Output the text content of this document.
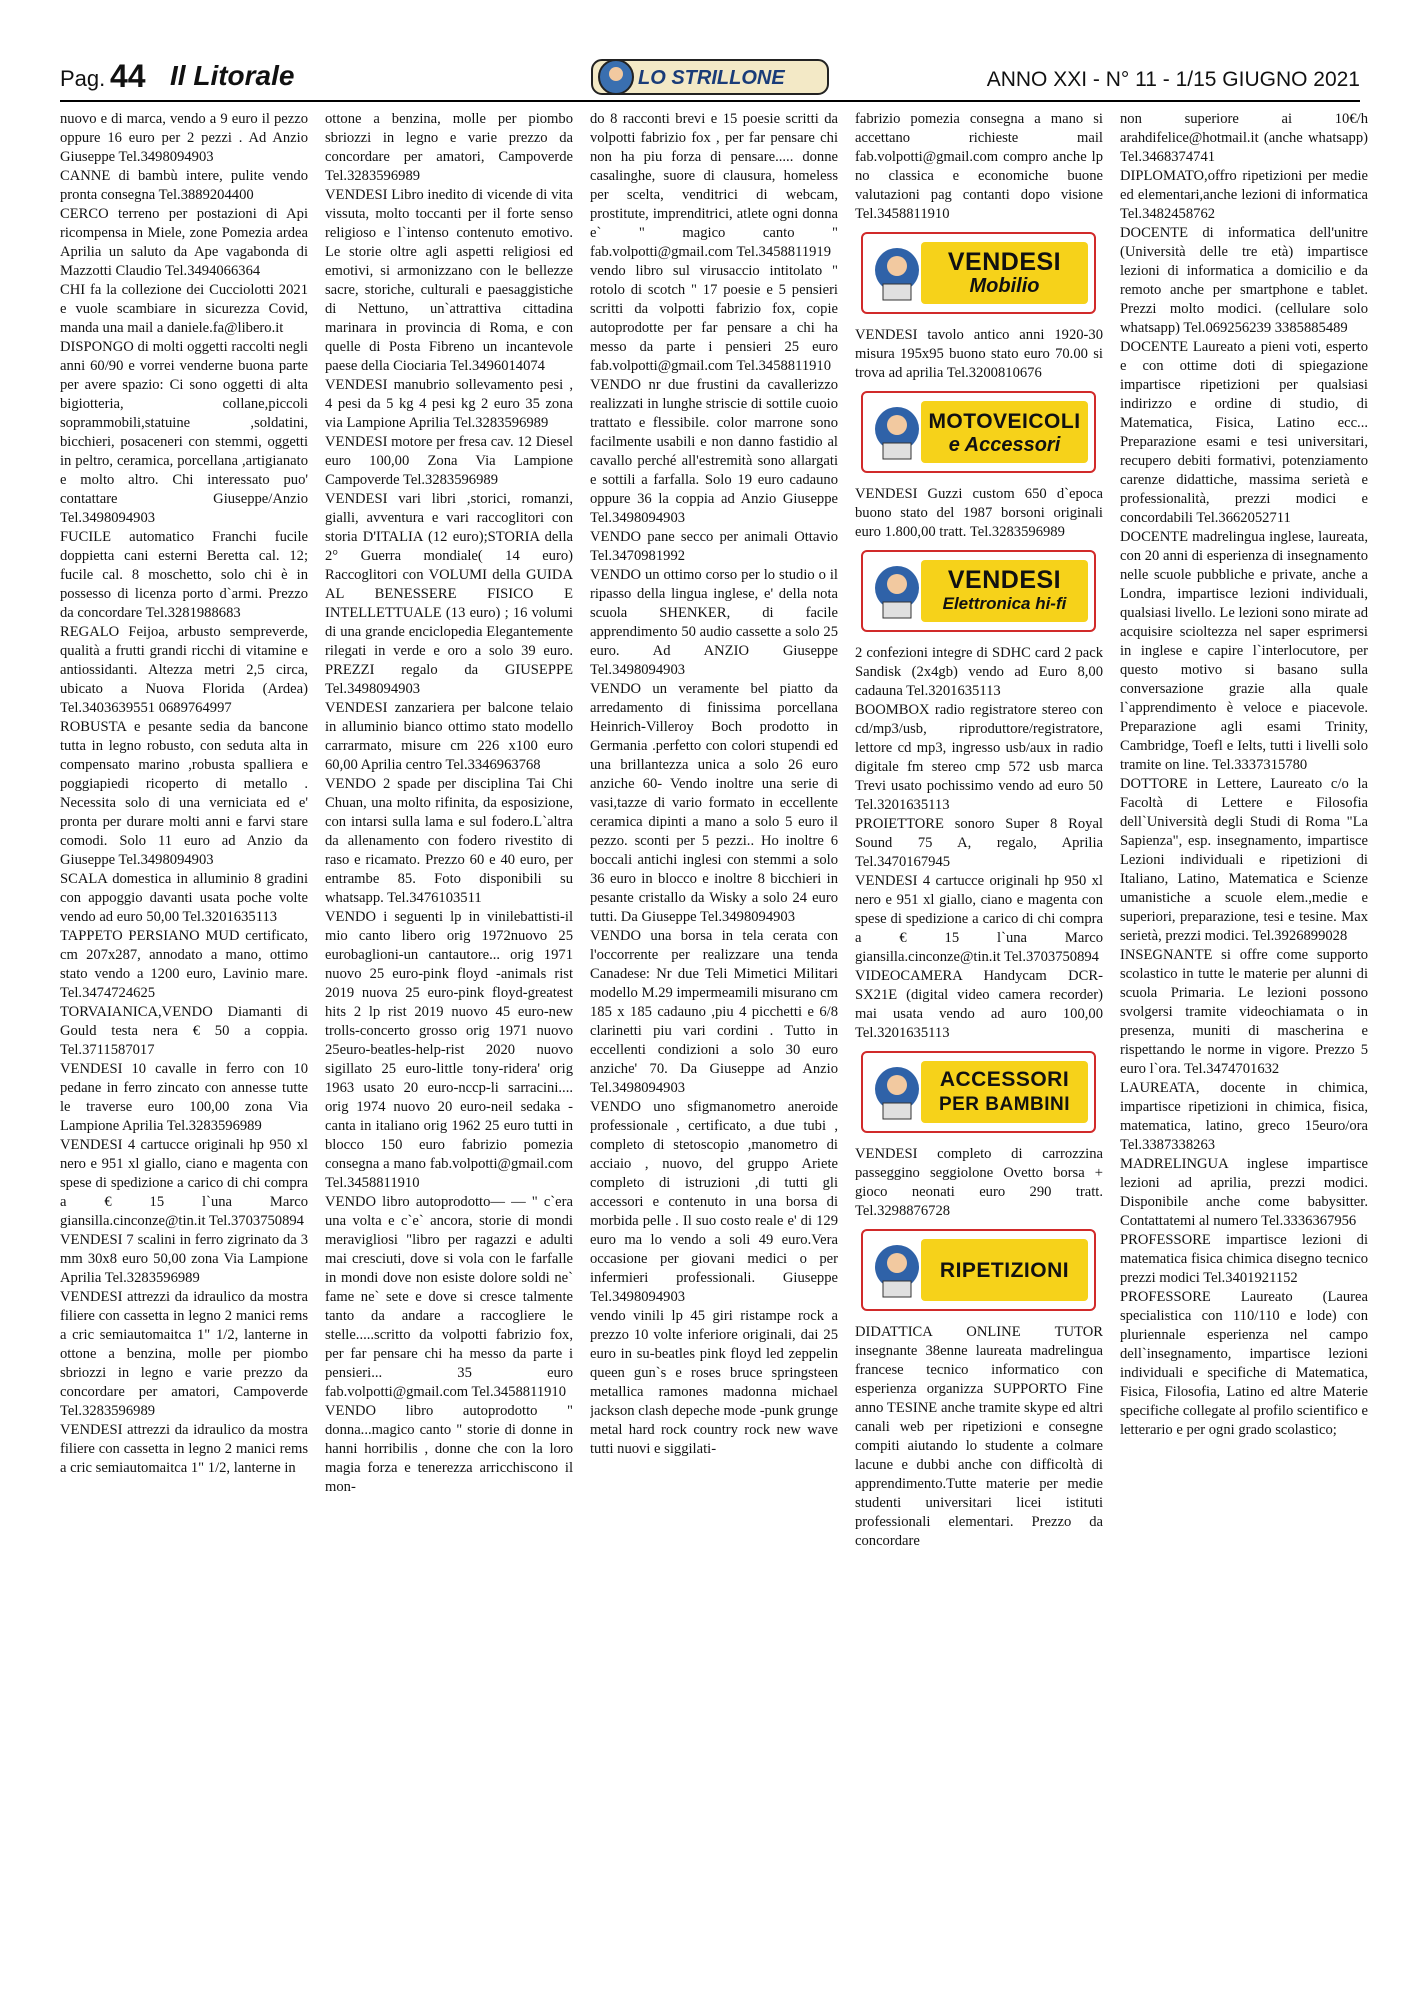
Pag. 44 Il Litorale	LO STRILLONE	ANNO XXI - N° 11 - 1/15 GIUGNO 2021

nuovo e di marca, vendo a 9 euro il pezzo oppure 16 euro per 2 pezzi . Ad Anzio Giuseppe Tel.3498094903

CANNE di bambù intere, pulite vendo pronta consegna Tel.3889204400

CERCO terreno per postazioni di Api ricompensa in Miele, zone Pomezia ardea Aprilia un saluto da Ape vagabonda di Mazzotti Claudio Tel.3494066364

CHI fa la collezione dei Cucciolotti 2021 e vuole scambiare in sicurezza Covid, manda una mail a daniele.fa@libero.it

DISPONGO di molti oggetti raccolti negli anni 60/90 e vorrei venderne buona parte per avere spazio: Ci sono oggetti di alta bigiotteria, collane,piccoli soprammobili,statuine ,soldatini, bicchieri, posaceneri con stemmi, oggetti in peltro, ceramica, porcellana ,artigianato e molto altro. Chi interessato puo' contattare Giuseppe/Anzio Tel.3498094903

FUCILE automatico Franchi fucile doppietta cani esterni Beretta cal. 12; fucile cal. 8 moschetto, solo chi è in possesso di licenza porto d`armi. Prezzo da concordare Tel.3281988683

REGALO Feijoa, arbusto sempreverde, qualità a frutti grandi ricchi di vitamine e antiossidanti. Altezza metri 2,5 circa, ubicato a Nuova Florida (Ardea) Tel.3403639551 0689764997

ROBUSTA e pesante sedia da bancone tutta in legno robusto, con seduta alta in compensato marino ,robusta spalliera e poggiapiedi ricoperto di metallo . Necessita solo di una verniciata ed e' pronta per durare molti anni e farvi stare comodi. Solo 11 euro ad Anzio da Giuseppe Tel.3498094903

SCALA domestica in alluminio 8 gradini con appoggio davanti usata poche volte vendo ad euro 50,00 Tel.3201635113

TAPPETO PERSIANO MUD certificato, cm 207x287, annodato a mano, ottimo stato vendo a 1200 euro, Lavinio mare. Tel.3474724625

TORVAIANICA,VENDO Diamanti di Gould testa nera € 50 a coppia. Tel.3711587017

VENDESI 10 cavalle in ferro con 10 pedane in ferro zincato con annesse tutte le traverse euro 100,00 zona Via Lampione Aprilia Tel.3283596989

VENDESI 4 cartucce originali hp 950 xl nero e 951 xl giallo, ciano e magenta con spese di spedizione a carico di chi compra a € 15 l`una Marco giansilla.cinconze@tin.it Tel.3703750894

VENDESI 7 scalini in ferro zigrinato da 3 mm 30x8 euro 50,00 zona Via Lampione Aprilia Tel.3283596989

VENDESI attrezzi da idraulico da mostra filiere con cassetta in legno 2 manici rems a cric semiautomaitca 1" 1/2, lanterne in ottone a benzina, molle per piombo sbriozzi in legno e varie prezzo da concordare per amatori, Campoverde Tel.3283596989

VENDESI attrezzi da idraulico da mostra filiere con cassetta in legno 2 manici rems a cric semiautomaitca 1" 1/2, lanterne in

ottone a benzina, molle per piombo sbriozzi in legno e varie prezzo da concordare per amatori, Campoverde Tel.3283596989

VENDESI Libro inedito di vicende di vita vissuta, molto toccanti per il forte senso religioso e l`intenso contenuto emotivo. Le storie oltre agli aspetti religiosi ed emotivi, si armonizzano con le bellezze sacre, storiche, culturali e paesaggistiche di Nettuno, un`attrattiva cittadina marinara in provincia di Roma, e con quelle di Posta Fibreno un incantevole paese della Ciociaria Tel.3496014074

VENDESI manubrio sollevamento pesi , 4 pesi da 5 kg 4 pesi kg 2 euro 35 zona via Lampione Aprilia Tel.3283596989

VENDESI motore per fresa cav. 12 Diesel euro 100,00 Zona Via Lampione Campoverde Tel.3283596989

VENDESI vari libri ,storici, romanzi, gialli, avventura e vari raccoglitori con storia D'ITALIA (12 euro);STORIA della 2° Guerra mondiale( 14 euro) Raccoglitori con VOLUMI della GUIDA AL BENESSERE FISICO E INTELLETTUALE (13 euro) ; 16 volumi di una grande enciclopedia Elegantemente rilegati in verde e oro a solo 39 euro. PREZZI regalo da GIUSEPPE Tel.3498094903

VENDESI zanzariera per balcone telaio in alluminio bianco ottimo stato modello carrarmato, misure cm 226 x100 euro 60,00 Aprilia centro Tel.3346963768

VENDO 2 spade per disciplina Tai Chi Chuan, una molto rifinita, da esposizione, con intarsi sulla lama e sul fodero.L`altra da allenamento con fodero rivestito di raso e ricamato. Prezzo 60 e 40 euro, per entrambe 85. Foto disponibili su whatsapp. Tel.3476103511

VENDO i seguenti lp in vinilebattisti-il mio canto libero orig 1972nuovo 25 eurobaglioni-un cantautore... orig 1971 nuovo 25 euro-pink floyd -animals rist 2019 nuova 25 euro-pink floyd-greatest hits 2 lp rist 2019 nuovo 45 euro-new trolls-concerto grosso orig 1971 nuovo 25euro-beatles-help-rist 2020 nuovo sigillato 25 euro-little tony-ridera' orig 1963 usato 20 euro-nccp-li sarracini.... orig 1974 nuovo 20 euro-neil sedaka -canta in italiano orig 1962 25 euro tutti in blocco 150 euro fabrizio pomezia consegna a mano fab.volpotti@gmail.com Tel.3458811910

VENDO libro autoprodotto— — " c`era una volta e c`e` ancora, storie di mondi meravigliosi "libro per ragazzi e adulti mai cresciuti, dove si vola con le farfalle in mondi dove non esiste dolore soldi ne` fame ne` sete e dove si cresce talmente tanto da andare a raccogliere le stelle.....scritto da volpotti fabrizio fox, per far pensare chi ha messo da parte i pensieri... 35 euro fab.volpotti@gmail.com Tel.3458811910

VENDO libro autoprodotto " donna...magico canto " storie di donne in hanni horribilis , donne che con la loro magia forza e tenerezza arricchiscono il mon-

do 8 racconti brevi e 15 poesie scritti da volpotti fabrizio fox , per far pensare chi non ha piu forza di pensare..... donne casalinghe, suore di clausura, homeless per scelta, venditrici di webcam, prostitute, imprenditrici, atlete ogni donna e` " magico canto " fab.volpotti@gmail.com Tel.3458811919

vendo libro sul virusaccio intitolato " rotolo di scotch " 17 poesie e 5 pensieri scritti da volpotti fabrizio fox, copie autoprodotte per far pensare a chi ha messo da parte i pensieri 25 euro fab.volpotti@gmail.com Tel.3458811910

VENDO nr due frustini da cavallerizzo realizzati in lunghe striscie di sottile cuoio trattato e flessibile. color marrone sono facilmente usabili e non danno fastidio al cavallo perché all'estremità sono allargati e sottili a farfalla. Solo 19 euro cadauno oppure 36 la coppia ad Anzio Giuseppe Tel.3498094903

VENDO pane secco per animali Ottavio Tel.3470981992

VENDO un ottimo corso per lo studio o il ripasso della lingua inglese, e' della nota scuola SHENKER, di facile apprendimento 50 audio cassette a solo 25 euro. Ad ANZIO Giuseppe Tel.3498094903

VENDO un veramente bel piatto da arredamento di finissima porcellana Heinrich-Villeroy Boch prodotto in Germania .perfetto con colori stupendi ed una brillantezza unica a solo 26 euro anziche 60- Vendo inoltre una serie di vasi,tazze di vario formato in eccellente ceramica dipinti a mano a solo 5 euro il pezzo. sconti per 5 pezzi.. Ho inoltre 6 boccali antichi inglesi con stemmi a solo 36 euro in blocco e inoltre 8 bicchieri in pesante cristallo da Wisky a solo 24 euro tutti. Da Giuseppe Tel.3498094903

VENDO una borsa in tela cerata con l'occorrente per realizzare una tenda Canadese: Nr due Teli Mimetici Militari modello M.29 impermeamili misurano cm 185 x 185 cadauno ,piu 4 picchetti e 6/8 clarinetti piu vari cordini . Tutto in eccellenti condizioni a solo 30 euro anziche' 70. Da Giuseppe ad Anzio Tel.3498094903

VENDO uno sfigmanometro aneroide professionale , certificato, a due tubi , completo di stetoscopio ,manometro di acciaio , nuovo, del gruppo Ariete completo di istruzioni ,di tutti gli accessori e contenuto in una borsa di morbida pelle . Il suo costo reale e' di 129 euro ma lo vendo a soli 49 euro.Vera occasione per giovani medici o per infermieri professionali. Giuseppe Tel.3498094903

vendo vinili lp 45 giri ristampe rock a prezzo 10 volte inferiore originali, dai 25 euro in su-beatles pink floyd led zeppelin queen gun`s e roses bruce springsteen metallica ramones madonna michael jackson clash depeche mode -punk grunge metal hard rock country rock new wave tutti nuovi e siggilati-

fabrizio pomezia consegna a mano si accettano richieste mail fab.volpotti@gmail.com compro anche lp no classica e economiche buone valutazioni pag contanti dopo visione Tel.3458811910

VENDESI
Mobilio

VENDESI tavolo antico anni 1920-30 misura 195x95 buono stato euro 70.00 si trova ad aprilia Tel.3200810676

MOTOVEICOLI
e Accessori

VENDESI Guzzi custom 650 d`epoca buono stato del 1987 borsoni originali euro 1.800,00 tratt. Tel.3283596989

VENDESI
Elettronica hi-fi

2 confezioni integre di SDHC card 2 pack Sandisk (2x4gb) vendo ad Euro 8,00 cadauna Tel.3201635113

BOOMBOX radio registratore stereo con cd/mp3/usb, riproduttore/registratore, lettore cd mp3, ingresso usb/aux in radio digitale fm stereo cmp 572 usb marca Trevi usato pochissimo vendo ad euro 50 Tel.3201635113

PROIETTORE sonoro Super 8 Royal Sound 75 A, regalo, Aprilia Tel.3470167945

VENDESI 4 cartucce originali hp 950 xl nero e 951 xl giallo, ciano e magenta con spese di spedizione a carico di chi compra a € 15 l`una Marco giansilla.cinconze@tin.it Tel.3703750894

VIDEOCAMERA Handycam DCR-SX21E (digital video camera recorder) mai usata vendo ad auro 100,00 Tel.3201635113

ACCESSORI
PER BAMBINI

VENDESI completo di carrozzina passeggino seggiolone Ovetto borsa + gioco neonati euro 290 tratt. Tel.3298876728

RIPETIZIONI

DIDATTICA ONLINE TUTOR insegnante 38enne laureata madrelingua francese tecnico informatico con esperienza organizza SUPPORTO Fine anno TESINE anche tramite skype ed altri canali web per ripetizioni e consegne compiti aiutando lo studente a colmare lacune e dubbi anche con difficoltà di apprendimento.Tutte materie per medie studenti universitari licei istituti professionali elementari. Prezzo da concordare

non superiore ai 10€/h arahdifelice@hotmail.it (anche whatsapp) Tel.3468374741

DIPLOMATO,offro ripetizioni per medie ed elementari,anche lezioni di informatica Tel.3482458762

DOCENTE di informatica dell'unitre (Università delle tre età) impartisce lezioni di informatica a domicilio e da remoto anche per smartphone e tablet. Prezzi molto modici. (cellulare solo whatsapp) Tel.069256239 3385885489

DOCENTE Laureato a pieni voti, esperto e con ottime doti di spiegazione impartisce ripetizioni per qualsiasi indirizzo e ordine di studio, di Matematica, Fisica, Latino ecc... Preparazione esami e tesi universitari, recupero debiti formativi, potenziamento carenze didattiche, massima serietà e professionalità, prezzi modici e concordabili Tel.3662052711

DOCENTE madrelingua inglese, laureata, con 20 anni di esperienza di insegnamento nelle scuole pubbliche e private, anche a Londra, impartisce lezioni individuali, qualsiasi livello. Le lezioni sono mirate ad acquisire scioltezza nel saper esprimersi in inglese e capire l`interlocutore, per questo motivo si basano sulla conversazione grazie alla quale l`apprendimento è veloce e piacevole. Preparazione agli esami Trinity, Cambridge, Toefl e Ielts, tutti i livelli solo tramite on line. Tel.3337315780

DOTTORE in Lettere, Laureato c/o la Facoltà di Lettere e Filosofia dell`Università degli Studi di Roma "La Sapienza", esp. insegnamento, impartisce Lezioni individuali e ripetizioni di Italiano, Latino, Matematica e Scienze umanistiche a scuole elem.,medie e superiori, preparazione, tesi e tesine. Max serietà, prezzi modici. Tel.3926899028

INSEGNANTE si offre come supporto scolastico in tutte le materie per alunni di scuola Primaria. Le lezioni possono svolgersi tramite videochiamata o in presenza, muniti di mascherina e rispettando le norme in vigore. Prezzo 5 euro l`ora. Tel.3474701632

LAUREATA, docente in chimica, impartisce ripetizioni in chimica, fisica, matematica, latino, greco 15euro/ora Tel.3387338263

MADRELINGUA inglese impartisce lezioni ad aprilia, prezzi modici. Disponibile anche come babysitter. Contattatemi al numero Tel.3336367956

PROFESSORE impartisce lezioni di matematica fisica chimica disegno tecnico prezzi modici Tel.3401921152

PROFESSORE Laureato (Laurea specialistica con 110/110 e lode) con pluriennale esperienza nel campo dell`insegnamento, impartisce lezioni individuali e specifiche di Matematica, Fisica, Filosofia, Latino ed altre Materie specifiche collegate al profilo scientifico e letterario e per ogni grado scolastico;
